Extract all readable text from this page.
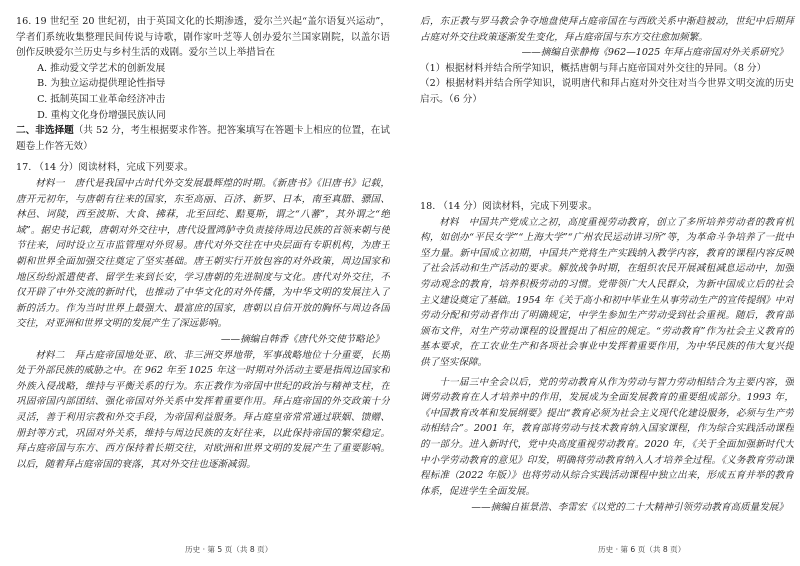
16. 19 世纪至 20 世纪初，由于英国文化的长期渗透，爱尔兰兴起“盖尔语复兴运动”，学者们系统收集整理民间传说与诗歌，剧作家叶芝等人创办爱尔兰国家剧院，以盖尔语创作反映爱尔兰历史与乡村生活的戏剧。爱尔兰以上举措旨在

A. 推动爱文学艺术的创新发展

B. 为独立运动提供理论性指导

C. 抵制英国工业革命经济冲击

D. 重构文化身份增强民族认同

二、非选择题（共 52 分，考生根据要求作答。把答案填写在答题卡上相应的位置，在试题卷上作答无效）

17. （14 分）阅读材料，完成下列要求。

材料一　唐代是我国中古时代外交发展最辉煌的时期。《新唐书》《旧唐书》记载，唐开元初年，与唐朝有往来的国家，东至高丽、百济、新罗、日本，南至真腊、骠国、林邑、诃陵，西至波斯、大食、拂菻，北至回纥、黠戛斯，谓之“八蕃”，其外谓之“绝域”。据史书记载，唐朝对外交往中，唐代设置鸿胪寺负责接待周边民族的首领来朝与使节往来，同时设立互市监管理对外贸易。唐代对外交往在中央层面有专职机构，为唐王朝和世界全面加强交往奠定了坚实基础。唐王朝实行开放包容的对外政策，周边国家和地区纷纷派遣使者、留学生来到长安，学习唐朝的先进制度与文化。唐代对外交往，不仅开辟了中外交流的新时代，也推动了中华文化的对外传播，为中华文明的发展注入了新的活力。作为当时世界上最强大、最富庶的国家，唐朝以自信开放的胸怀与周边各国交往，对亚洲和世界文明的发展产生了深远影响。

——摘编自韩香《唐代外交使节略论》

材料二　拜占庭帝国地处亚、欧、非三洲交界地带，军事战略地位十分重要，长期处于外部民族的威胁之中。在 962 年至 1025 年这一时期对外活动主要是指周边国家和外族入侵战略，维持与平衡关系的行为。东正教作为帝国中世纪的政治与精神支柱，在巩固帝国内部团结、强化帝国对外关系中发挥着重要作用。拜占庭帝国的外交政策十分灵活，善于利用宗教和外交手段，为帝国利益服务。拜占庭皇帝常常通过联姻、馈赠、册封等方式，巩固对外关系，维持与周边民族的友好往来，以此保持帝国的繁荣稳定。拜占庭帝国与东方、西方保持着长期交往，对欧洲和世界文明的发展产生了重要影响。以后，随着拜占庭帝国的衰落，其对外交往也逐渐减弱。

后，东正教与罗马教会争夺地盘使拜占庭帝国在与西欧关系中渐趋被动，世纪中后期拜占庭对外交往政策逐渐发生变化，拜占庭帝国与东方交往愈加频繁。

——摘编自张静梅《962—1025 年拜占庭帝国对外关系研究》

（1）根据材料并结合所学知识，概括唐朝与拜占庭帝国对外交往的异同。（8 分）

（2）根据材料并结合所学知识，说明唐代和拜占庭对外交往对当今世界文明交流的历史启示。（6 分）

18. （14 分）阅读材料，完成下列要求。

材料　中国共产党成立之初，高度重视劳动教育，创立了多所培养劳动者的教育机构，如创办“平民女学”“上海大学”“广州农民运动讲习所”等，为革命斗争培养了一批中坚力量。新中国成立初期，中国共产党将生产实践纳入教学内容，教育的课程内容反映了社会活动和生产活动的要求。解放战争时期，在组织农民开展减租减息运动中，加强劳动观念的教育，培养积极劳动的习惯。党带领广大人民群众，为新中国成立后的社会主义建设奠定了基础。1954 年《关于高小和初中毕业生从事劳动生产的宣传提纲》中对劳动分配和劳动者作出了明确规定，中学生参加生产劳动受到社会重视。随后，教育部颁布文件，对生产劳动课程的设置提出了相应的规定。“劳动教育”作为社会主义教育的基本要求，在工农业生产和各项社会事业中发挥着重要作用，为中华民族的伟大复兴提供了坚实保障。

十一届三中全会以后，党的劳动教育从作为劳动与智力劳动相结合为主要内容，强调劳动教育在人才培养中的作用，发展成为全面发展教育的重要组成部分。1993 年，《中国教育改革和发展纲要》提出“教育必须为社会主义现代化建设服务，必须与生产劳动相结合”。2001 年，教育部将劳动与技术教育纳入国家课程，作为综合实践活动课程的一部分。进入新时代，党中央高度重视劳动教育。2020 年，《关于全面加强新时代大中小学劳动教育的意见》印发，明确将劳动教育纳入人才培养全过程。《义务教育劳动课程标准（2022 年版）》也将劳动从综合实践活动课程中独立出来，形成五育并举的教育体系，促进学生全面发展。

——摘编自崔景浩、李雷宏《以党的二十大精神引领劳动教育高质量发展》

历史 · 第 5 页（共 8 页）	历史 · 第 6 页（共 8 页）
